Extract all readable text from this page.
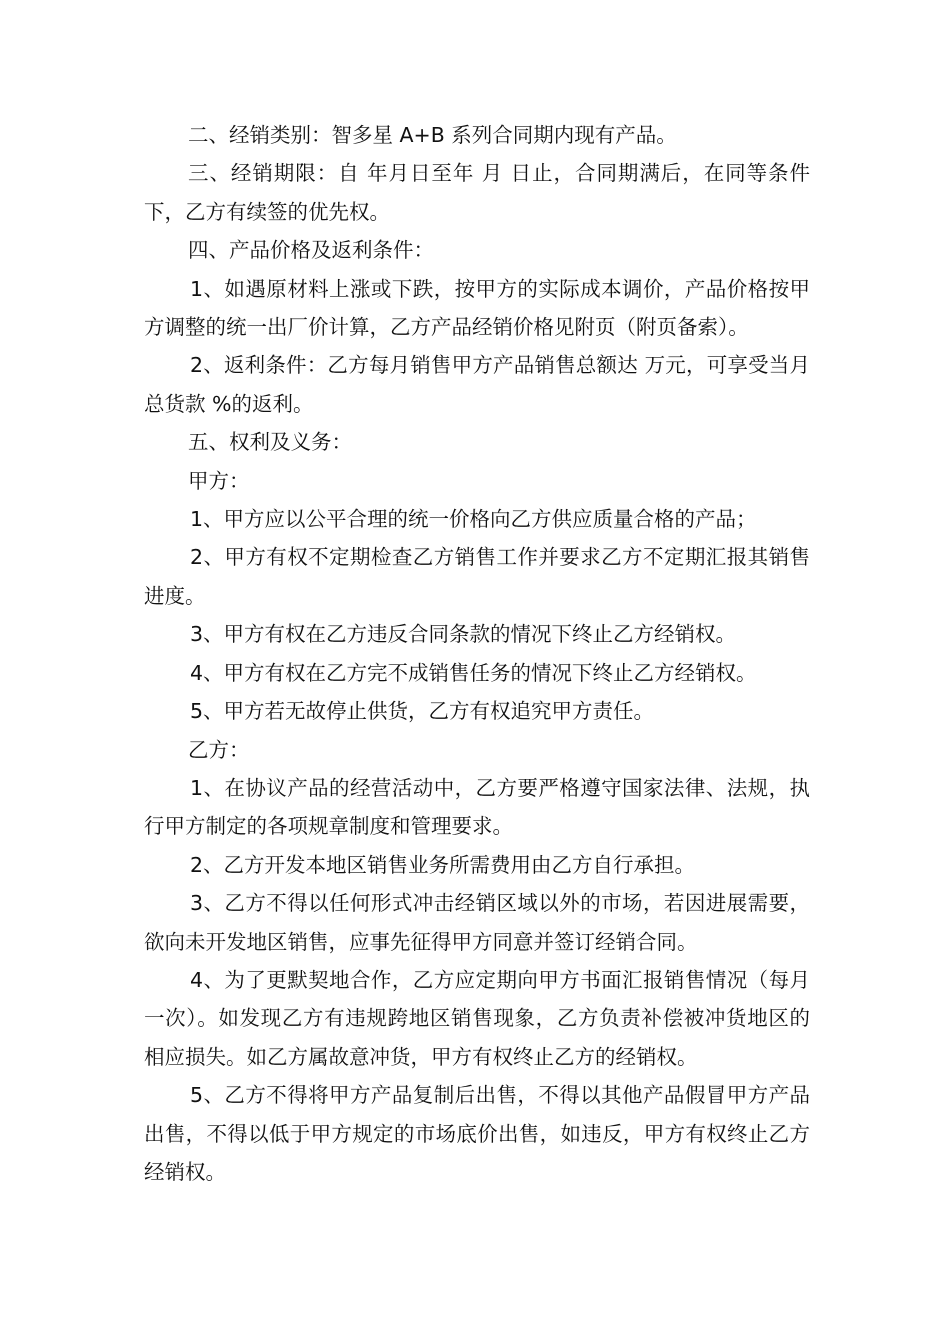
二、经销类别：智多星 A+B 系列合同期内现有产品。

三、经销期限：自 年月日至年 月 日止，合同期满后，在同等条件下，乙方有续签的优先权。

四、产品价格及返利条件：

1、如遇原材料上涨或下跌，按甲方的实际成本调价，产品价格按甲方调整的统一出厂价计算，乙方产品经销价格见附页（附页备索）。

2、返利条件：乙方每月销售甲方产品销售总额达 万元，可享受当月总货款 %的返利。

五、权利及义务：

甲方：

1、甲方应以公平合理的统一价格向乙方供应质量合格的产品；

2、甲方有权不定期检查乙方销售工作并要求乙方不定期汇报其销售进度。

3、甲方有权在乙方违反合同条款的情况下终止乙方经销权。

4、甲方有权在乙方完不成销售任务的情况下终止乙方经销权。

5、甲方若无故停止供货，乙方有权追究甲方责任。

乙方：

1、在协议产品的经营活动中，乙方要严格遵守国家法律、法规，执行甲方制定的各项规章制度和管理要求。

2、乙方开发本地区销售业务所需费用由乙方自行承担。

3、乙方不得以任何形式冲击经销区域以外的市场，若因进展需要，欲向未开发地区销售，应事先征得甲方同意并签订经销合同。

4、为了更默契地合作，乙方应定期向甲方书面汇报销售情况（每月一次）。如发现乙方有违规跨地区销售现象，乙方负责补偿被冲货地区的相应损失。如乙方属故意冲货，甲方有权终止乙方的经销权。

5、乙方不得将甲方产品复制后出售，不得以其他产品假冒甲方产品出售，不得以低于甲方规定的市场底价出售，如违反，甲方有权终止乙方经销权。
